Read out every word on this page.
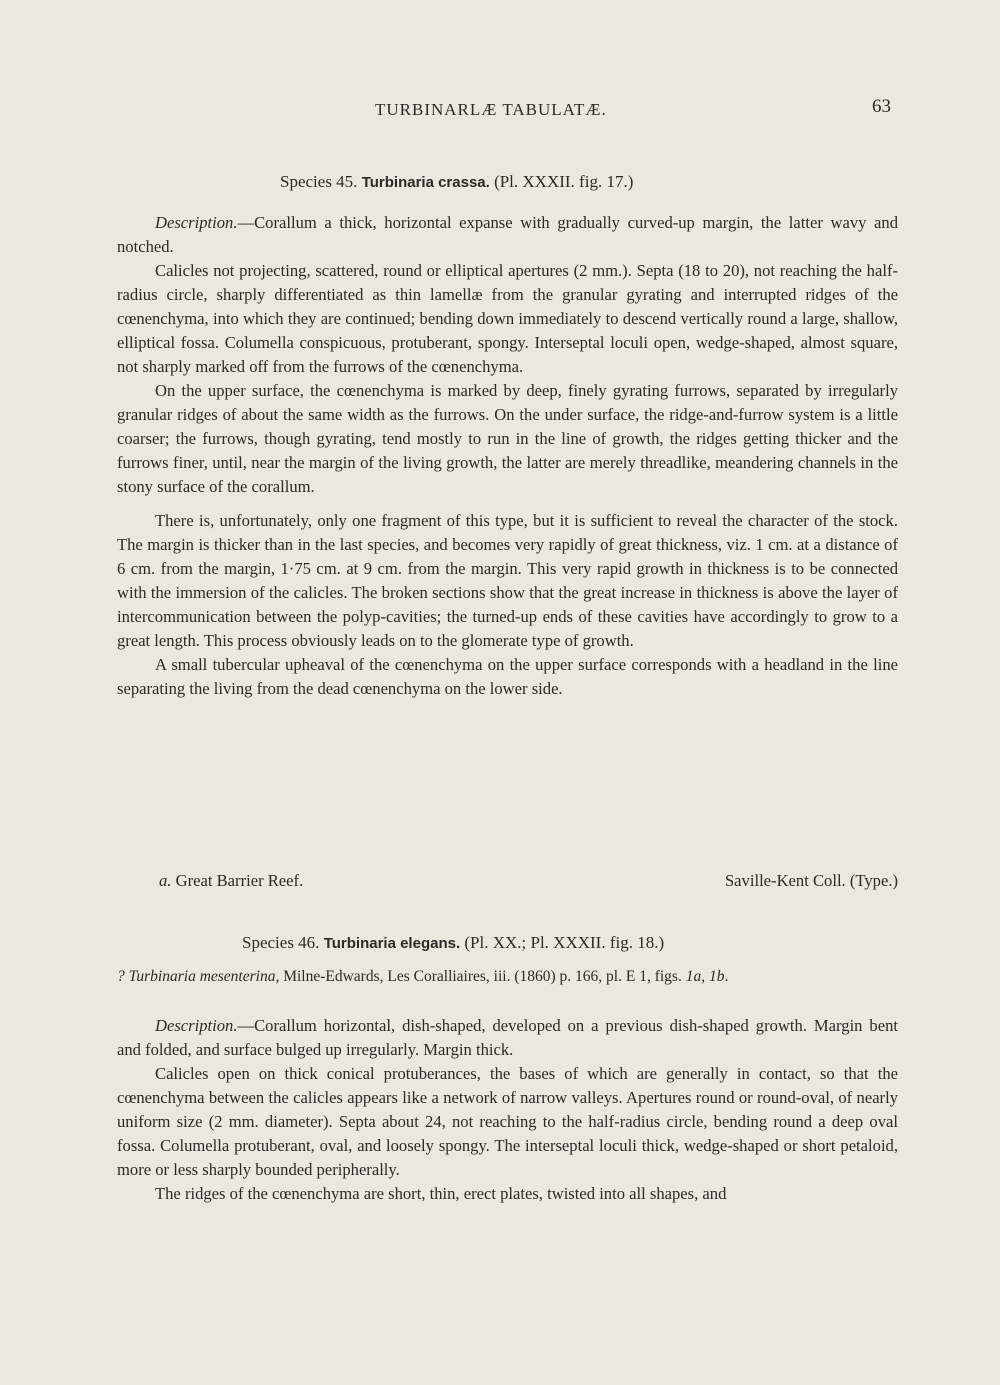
TURBINARLÆ TABULATÆ.	63
Species 45. Turbinaria crassa. (Pl. XXXII. fig. 17.)

Description.—Corallum a thick, horizontal expanse with gradually curved-up margin, the latter wavy and notched.

Calicles not projecting, scattered, round or elliptical apertures (2 mm.). Septa (18 to 20), not reaching the half-radius circle, sharply differentiated as thin lamellæ from the granular gyrating and interrupted ridges of the cœnenchyma, into which they are continued; bending down immediately to descend vertically round a large, shallow, elliptical fossa. Columella conspicuous, protuberant, spongy. Interseptal loculi open, wedge-shaped, almost square, not sharply marked off from the furrows of the cœnenchyma.

On the upper surface, the cœnenchyma is marked by deep, finely gyrating furrows, separated by irregularly granular ridges of about the same width as the furrows. On the under surface, the ridge-and-furrow system is a little coarser; the furrows, though gyrating, tend mostly to run in the line of growth, the ridges getting thicker and the furrows finer, until, near the margin of the living growth, the latter are merely threadlike, meandering channels in the stony surface of the corallum.

There is, unfortunately, only one fragment of this type, but it is sufficient to reveal the character of the stock. The margin is thicker than in the last species, and becomes very rapidly of great thickness, viz. 1 cm. at a distance of 6 cm. from the margin, 1·75 cm. at 9 cm. from the margin. This very rapid growth in thickness is to be connected with the immersion of the calicles. The broken sections show that the great increase in thickness is above the layer of intercommunication between the polyp-cavities; the turned-up ends of these cavities have accordingly to grow to a great length. This process obviously leads on to the glomerate type of growth.

A small tubercular upheaval of the cœnenchyma on the upper surface corresponds with a headland in the line separating the living from the dead cœnenchyma on the lower side.

a. Great Barrier Reef.	Saville-Kent Coll. (Type.)
Species 46. Turbinaria elegans. (Pl. XX.; Pl. XXXII. fig. 18.)
? Turbinaria mesenterina, Milne-Edwards, Les Coralliaires, iii. (1860) p. 166, pl. E 1, figs. 1a, 1b.

Description.—Corallum horizontal, dish-shaped, developed on a previous dish-shaped growth. Margin bent and folded, and surface bulged up irregularly. Margin thick.

Calicles open on thick conical protuberances, the bases of which are generally in contact, so that the cœnenchyma between the calicles appears like a network of narrow valleys. Apertures round or round-oval, of nearly uniform size (2 mm. diameter). Septa about 24, not reaching to the half-radius circle, bending round a deep oval fossa. Columella protuberant, oval, and loosely spongy. The interseptal loculi thick, wedge-shaped or short petaloid, more or less sharply bounded peripherally.

The ridges of the cœnenchyma are short, thin, erect plates, twisted into all shapes, and
